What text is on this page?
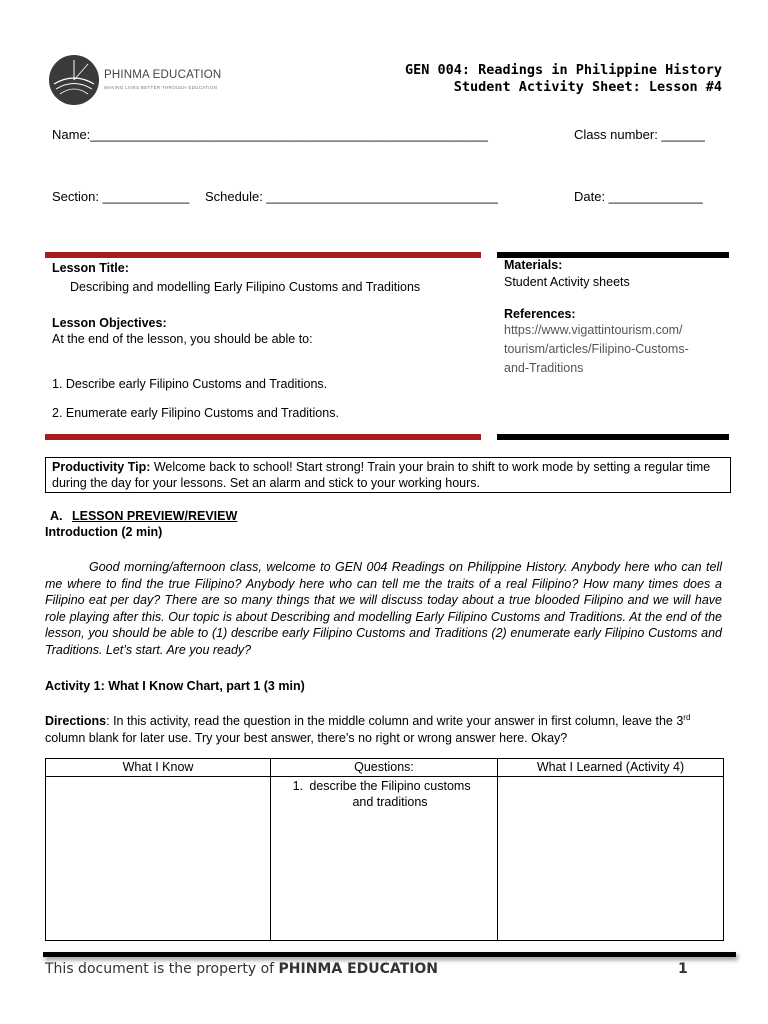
PHINMA EDUCATION
MAKING LIVES BETTER THROUGH EDUCATION
GEN 004: Readings in Philippine History
Student Activity Sheet: Lesson #4
Name:_______________________________________________________	Class number: ______
Section: ____________ Schedule: ________________________________	Date: _____________
Lesson Title:
Describing and modelling Early Filipino Customs and Traditions
Lesson Objectives:
At the end of the lesson, you should be able to:
1. Describe early Filipino Customs and Traditions.
2. Enumerate early Filipino Customs and Traditions.
Materials:
Student Activity sheets
References:
https://www.vigattintourism.com/
tourism/articles/Filipino-Customs-
and-Traditions
Productivity Tip: Welcome back to school! Start strong! Train your brain to shift to work mode by setting a regular time during the day for your lessons. Set an alarm and stick to your working hours.
A. LESSON PREVIEW/REVIEW
Introduction (2 min)
Good morning/afternoon class, welcome to GEN 004 Readings on Philippine History. Anybody here who can tell me where to find the true Filipino? Anybody here who can tell me the traits of a real Filipino? How many times does a Filipino eat per day? There are so many things that we will discuss today about a true blooded Filipino and we will have role playing after this. Our topic is about Describing and modelling Early Filipino Customs and Traditions. At the end of the lesson, you should be able to (1) describe early Filipino Customs and Traditions (2) enumerate early Filipino Customs and Traditions. Let’s start. Are you ready?
Activity 1: What I Know Chart, part 1 (3 min)
Directions: In this activity, read the question in the middle column and write your answer in first column, leave the 3rd column blank for later use. Try your best answer, there’s no right or wrong answer here. Okay?
What I Know	Questions:	What I Learned (Activity 4)

	1. describe the Filipino customs and traditions	

This document is the property of PHINMA EDUCATION	1
